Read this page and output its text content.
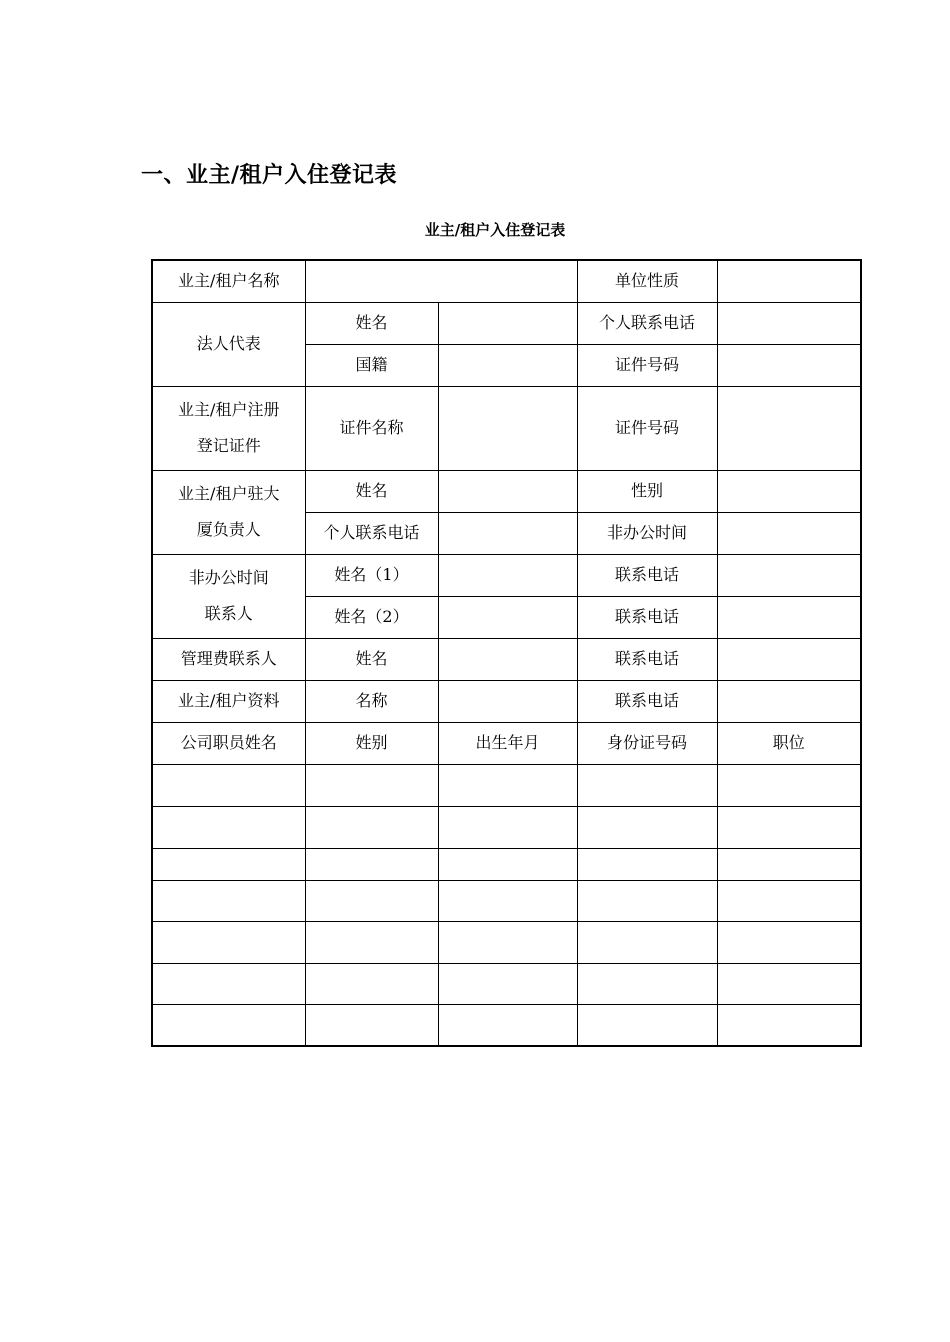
一、业主/租户入住登记表
业主/租户入住登记表
业主/租户名称			单位性质	
法人代表	姓名		个人联系电话	
	国籍		证件号码	
业主/租户注册
登记证件	证件名称		证件号码	
业主/租户驻大
厦负责人	姓名		性别	
	个人联系电话		非办公时间	
非办公时间
联系人	姓名（1）		联系电话	
	姓名（2）		联系电话	
管理费联系人	姓名		联系电话	
业主/租户资料	名称		联系电话	
公司职员姓名	姓别	出生年月	身份证号码	职位
